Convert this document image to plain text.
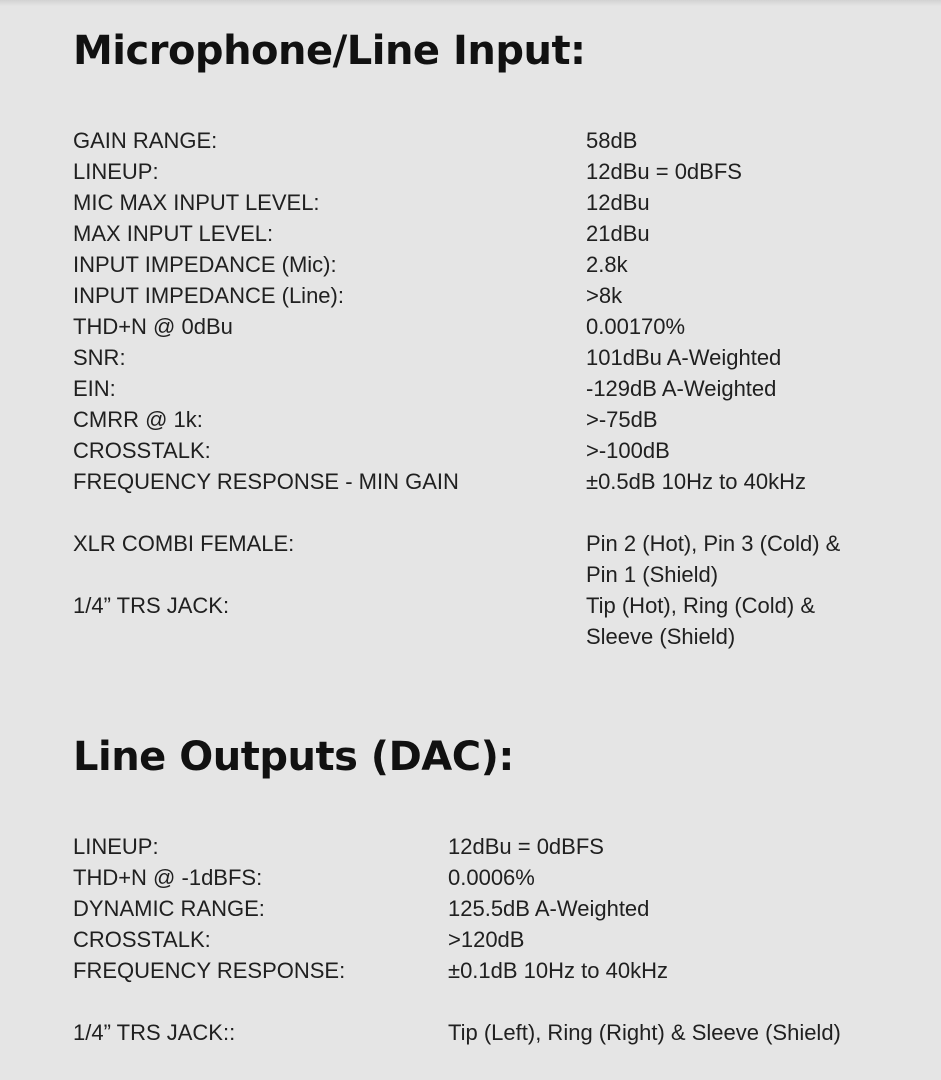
Microphone/Line Input:
GAIN RANGE:	58dB
LINEUP:	12dBu = 0dBFS
MIC MAX INPUT LEVEL:	12dBu
MAX INPUT LEVEL:	21dBu
INPUT IMPEDANCE (Mic):	2.8k
INPUT IMPEDANCE (Line):	>8k
THD+N @ 0dBu	0.00170%
SNR:	101dBu A-Weighted
EIN:	-129dB A-Weighted
CMRR @ 1k:	>-75dB
CROSSTALK:	>-100dB
FREQUENCY RESPONSE - MIN GAIN	±0.5dB 10Hz to 40kHz
XLR COMBI FEMALE:	Pin 2 (Hot), Pin 3 (Cold) &
Pin 1 (Shield)
1/4” TRS JACK:	Tip (Hot), Ring (Cold) &
Sleeve (Shield)
Line Outputs (DAC):
LINEUP:	12dBu = 0dBFS
THD+N @ -1dBFS:	0.0006%
DYNAMIC RANGE:	125.5dB A-Weighted
CROSSTALK:	>120dB
FREQUENCY RESPONSE:	±0.1dB 10Hz to 40kHz
1/4” TRS JACK::	Tip (Left), Ring (Right) & Sleeve (Shield)
